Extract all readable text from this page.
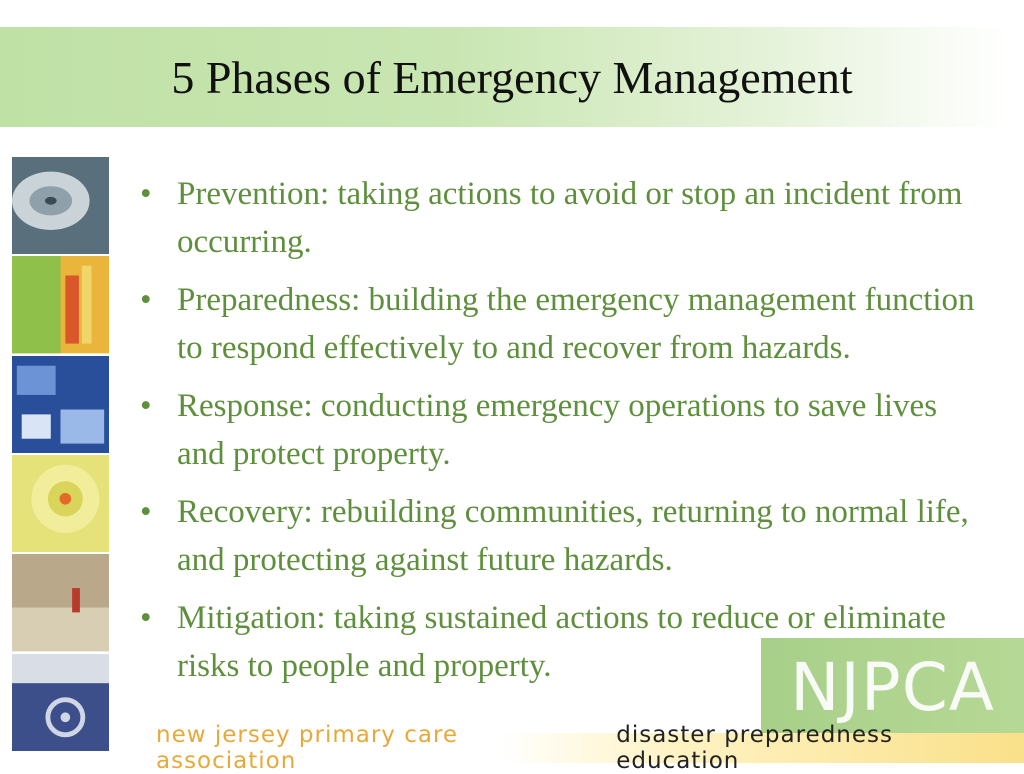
5 Phases of Emergency Management
• Prevention: taking actions to avoid or stop an incident from occurring.
• Preparedness: building the emergency management function to respond effectively to and recover from hazards.
• Response: conducting emergency operations to save lives and protect property.
• Recovery: rebuilding communities, returning to normal life, and protecting against future hazards.
• Mitigation: taking sustained actions to reduce or eliminate risks to people and property.	NJPCA
new jersey primary care association
disaster preparedness education
